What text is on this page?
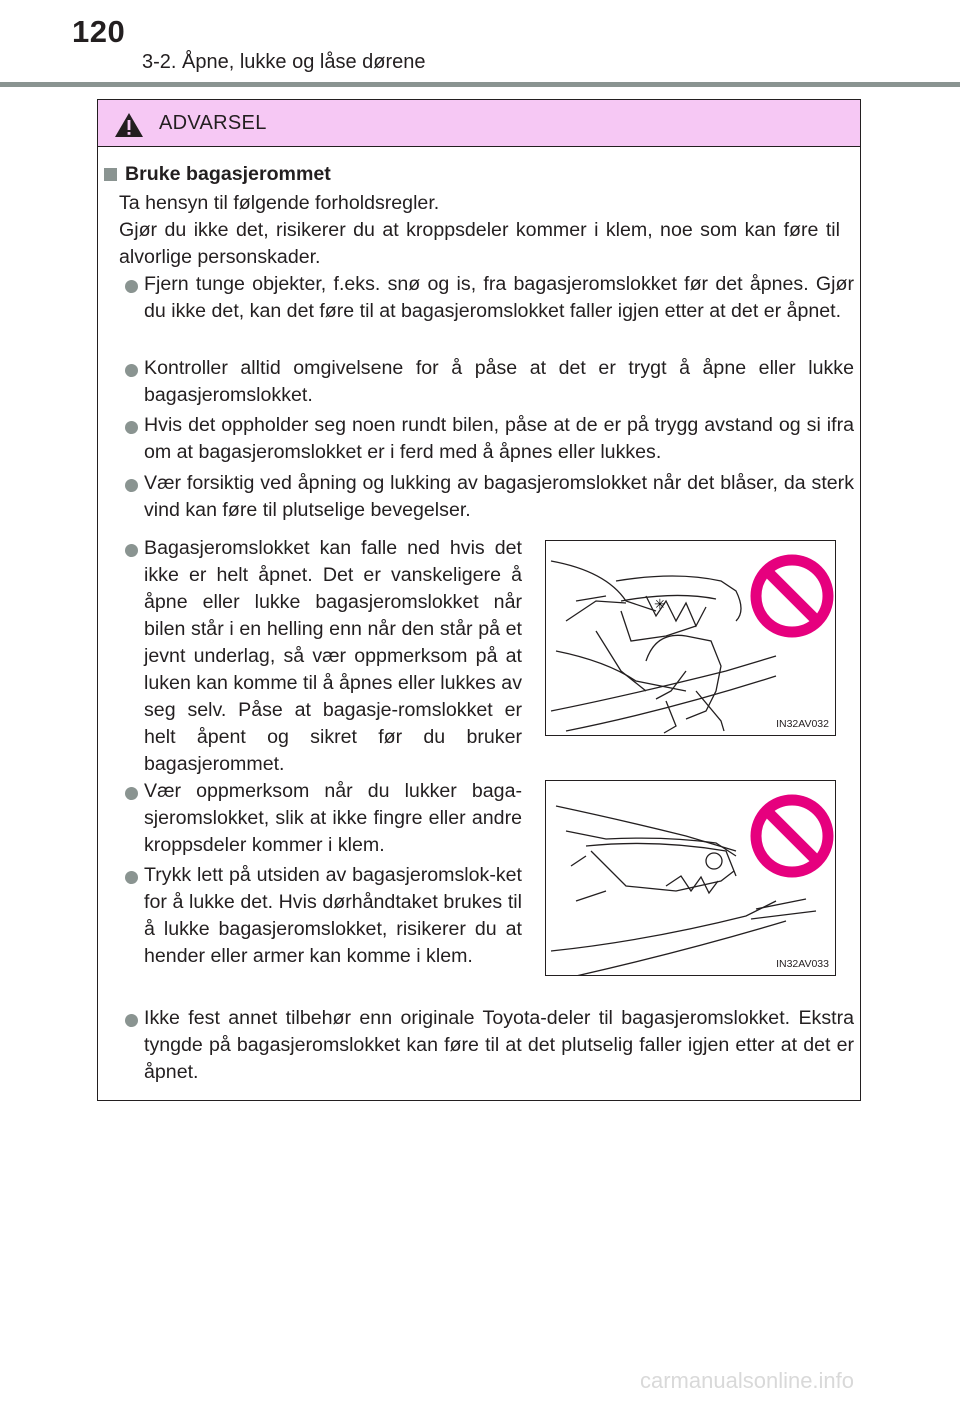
120
3-2. Åpne, lukke og låse dørene
ADVARSEL
Bruke bagasjerommet
Ta hensyn til følgende forholdsregler.
Gjør du ikke det, risikerer du at kroppsdeler kommer i klem, noe som kan føre til alvorlige personskader.
Fjern tunge objekter, f.eks. snø og is, fra bagasjeromslokket før det åpnes. Gjør du ikke det, kan det føre til at bagasjeromslokket faller igjen etter at det er åpnet.
Kontroller alltid omgivelsene for å påse at det er trygt å åpne eller lukke bagasjeromslokket.
Hvis det oppholder seg noen rundt bilen, påse at de er på trygg avstand og si ifra om at bagasjeromslokket er i ferd med å åpnes eller lukkes.
Vær forsiktig ved åpning og lukking av bagasjeromslokket når det blåser, da sterk vind kan føre til plutselige bevegelser.
Bagasjeromslokket kan falle ned hvis det ikke er helt åpnet. Det er vanskeligere å åpne eller lukke bagasjeromslokket når bilen står i en helling enn når den står på et jevnt underlag, så vær oppmerksom på at luken kan komme til å åpnes eller lukkes av seg selv. Påse at bagasje-romslokket er helt åpent og sikret før du bruker bagasjerommet.
✳
IN32AV032
Vær oppmerksom når du lukker baga-sjeromslokket, slik at ikke fingre eller andre kroppsdeler kommer i klem.
Trykk lett på utsiden av bagasjeromslok-ket for å lukke det. Hvis dørhåndtaket brukes til å lukke bagasjeromslokket, risikerer du at hender eller armer kan komme i klem.	IN32AV033
Ikke fest annet tilbehør enn originale Toyota-deler til bagasjeromslokket. Ekstra tyngde på bagasjeromslokket kan føre til at det plutselig faller igjen etter at det er åpnet.
carmanualsonline.info
